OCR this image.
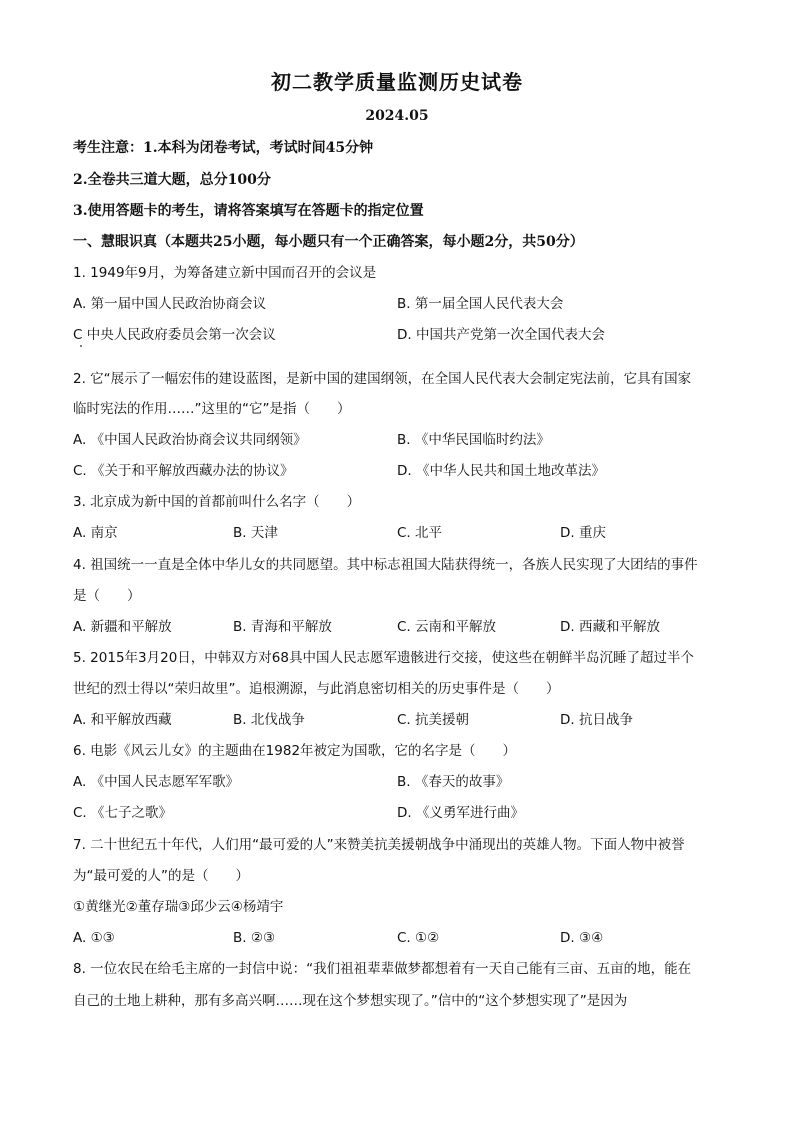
初二教学质量监测历史试卷
2024.05
考生注意：1.本科为闭卷考试，考试时间45分钟
2.全卷共三道大题，总分100分
3.使用答题卡的考生，请将答案填写在答题卡的指定位置
一、慧眼识真（本题共25小题，每小题只有一个正确答案，每小题2分，共50分）
1. 1949年9月，为筹备建立新中国而召开的会议是
A. 第一届中国人民政治协商会议	B. 第一届全国人民代表大会
C 中央人民政府委员会第一次会议	D. 中国共产党第一次全国代表大会
2. 它“展示了一幅宏伟的建设蓝图，是新中国的建国纲领，在全国人民代表大会制定宪法前，它具有国家
临时宪法的作用……”这里的“它”是指（　　）
A. 《中国人民政治协商会议共同纲领》	B. 《中华民国临时约法》
C. 《关于和平解放西藏办法的协议》	D. 《中华人民共和国土地改革法》
3. 北京成为新中国的首都前叫什么名字（　　）
A. 南京	B. 天津	C. 北平	D. 重庆
4. 祖国统一一直是全体中华儿女的共同愿望。其中标志祖国大陆获得统一，各族人民实现了大团结的事件
是（　　）
A. 新疆和平解放	B. 青海和平解放	C. 云南和平解放	D. 西藏和平解放
5. 2015年3月20日，中韩双方对68具中国人民志愿军遗骸进行交接，使这些在朝鲜半岛沉睡了超过半个
世纪的烈士得以“荣归故里”。追根溯源，与此消息密切相关的历史事件是（　　）
A. 和平解放西藏	B. 北伐战争	C. 抗美援朝	D. 抗日战争
6. 电影《风云儿女》的主题曲在1982年被定为国歌，它的名字是（　　）
A. 《中国人民志愿军军歌》	B. 《春天的故事》
C. 《七子之歌》	D. 《义勇军进行曲》
7. 二十世纪五十年代，人们用“最可爱的人”来赞美抗美援朝战争中涌现出的英雄人物。下面人物中被誉
为“最可爱的人”的是（　　）
①黄继光②董存瑞③邱少云④杨靖宇
A. ①③	B. ②③	C. ①②	D. ③④
8. 一位农民在给毛主席的一封信中说：“我们祖祖辈辈做梦都想着有一天自己能有三亩、五亩的地，能在
自己的土地上耕种，那有多高兴啊……现在这个梦想实现了。”信中的“这个梦想实现了”是因为
